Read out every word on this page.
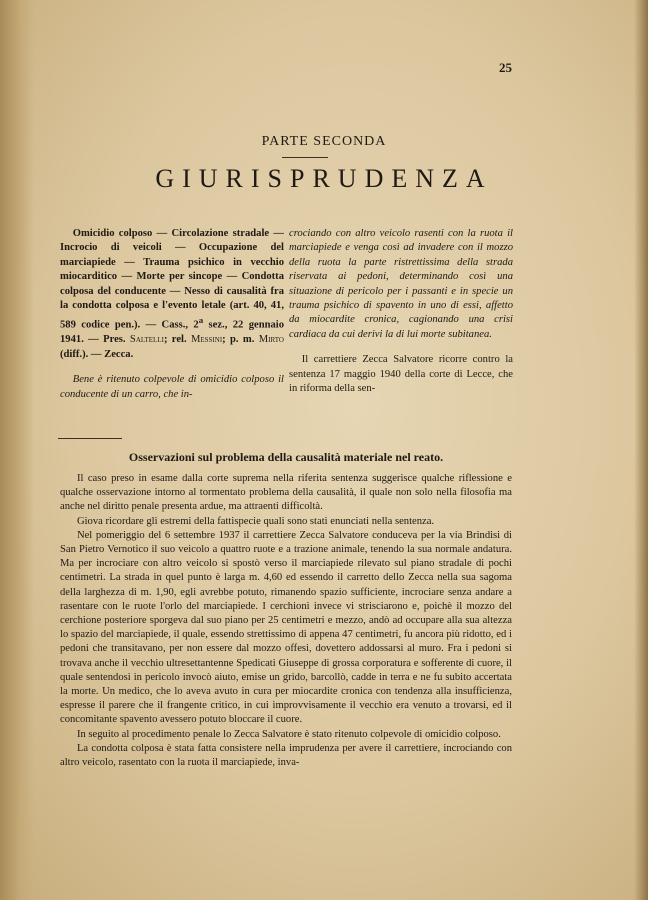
25
PARTE SECONDA
GIURISPRUDENZA

Omicidio colposo — Circolazione stradale — Incrocio di veicoli — Occupazione del marciapiede — Trauma psichico in vecchio miocarditico — Morte per sincope — Condotta colposa del conducente — Nesso di causalità fra la condotta colposa e l'evento letale (art. 40, 41, 589 codice pen.). — Cass., 2$^a$ sez., 22 gennaio 1941. — Pres. Saltelli; rel. Messini; p. m. Mirto (diff.). — Zecca.

Bene è ritenuto colpevole di omicidio colposo il conducente di un carro, che in-

crociando con altro veicolo rasenti con la ruota il marciapiede e venga così ad invadere con il mozzo della ruota la parte ristrettissima della strada riservata ai pedoni, determinando così una situazione di pericolo per i passanti e in specie un trauma psichico di spavento in uno di essi, affetto da miocardite cronica, cagionando una crisi cardiaca da cui derivi la di lui morte subitanea.

Il carrettiere Zecca Salvatore ricorre contro la sentenza 17 maggio 1940 della corte di Lecce, che in riforma della sen-

Osservazioni sul problema della causalità materiale nel reato.

Il caso preso in esame dalla corte suprema nella riferita sentenza suggerisce qualche riflessione e qualche osservazione intorno al tormentato problema della causalità, il quale non solo nella filosofia ma anche nel diritto penale presenta ardue, ma attraenti difficoltà.

Giova ricordare gli estremi della fattispecie quali sono stati enunciati nella sentenza.

Nel pomeriggio del 6 settembre 1937 il carrettiere Zecca Salvatore conduceva per la via Brindisi di San Pietro Vernotico il suo veicolo a quattro ruote e a trazione animale, tenendo la sua normale andatura. Ma per incrociare con altro veicolo si spostò verso il marciapiede rilevato sul piano stradale di pochi centimetri. La strada in quel punto è larga m. 4,60 ed essendo il carretto dello Zecca nella sua sagoma della larghezza di m. 1,90, egli avrebbe potuto, rimanendo spazio sufficiente, incrociare senza andare a rasentare con le ruote l'orlo del marciapiede. I cerchioni invece vi strisciarono e, poichè il mozzo del cerchione posteriore sporgeva dal suo piano per 25 centimetri e mezzo, andò ad occupare alla sua altezza lo spazio del marciapiede, il quale, essendo strettissimo di appena 47 centimetri, fu ancora più ridotto, ed i pedoni che transitavano, per non essere dal mozzo offesi, dovettero addossarsi al muro. Fra i pedoni si trovava anche il vecchio ultresettantenne Spedicati Giuseppe di grossa corporatura e sofferente di cuore, il quale sentendosi in pericolo invocò aiuto, emise un grido, barcollò, cadde in terra e ne fu subito accertata la morte. Un medico, che lo aveva avuto in cura per miocardite cronica con tendenza alla insufficienza, espresse il parere che il frangente critico, in cui improvvisamente il vecchio era venuto a trovarsi, ed il concomitante spavento avessero potuto bloccare il cuore.

In seguito al procedimento penale lo Zecca Salvatore è stato ritenuto colpevole di omicidio colposo.

La condotta colposa è stata fatta consistere nella imprudenza per avere il carrettiere, incrociando con altro veicolo, rasentato con la ruota il marciapiede, inva-
